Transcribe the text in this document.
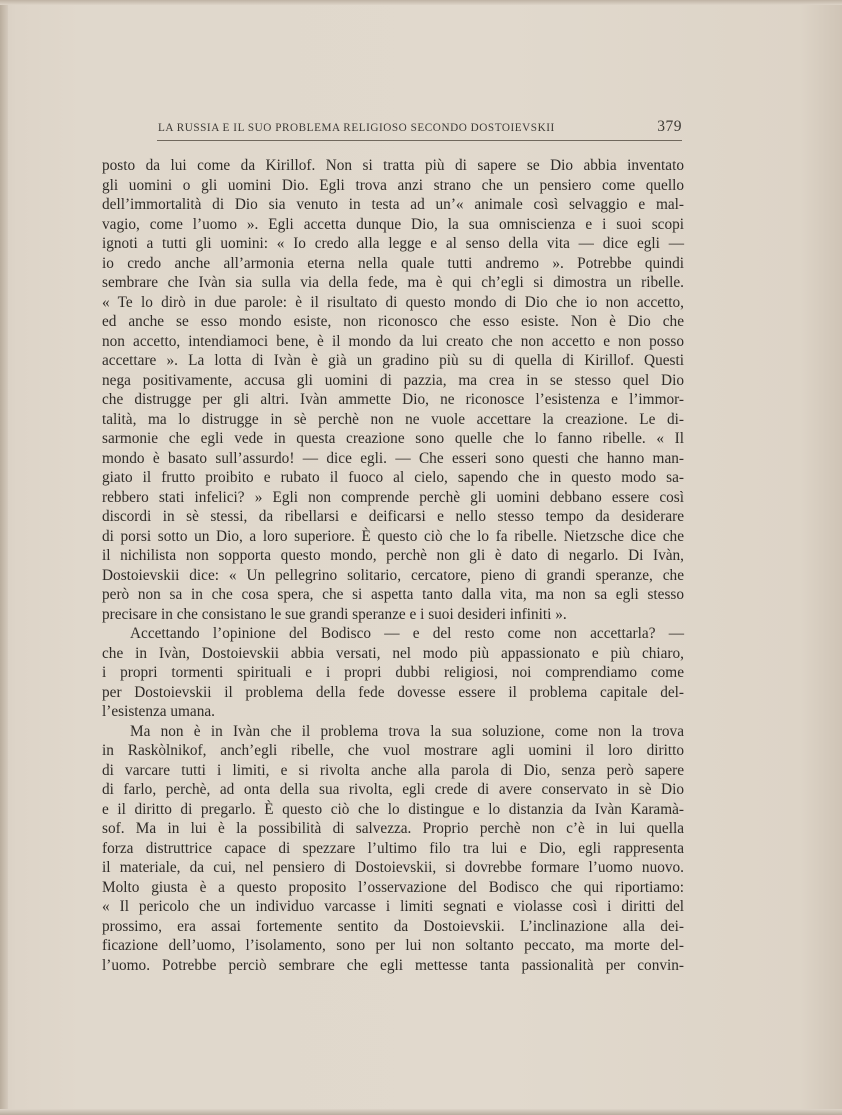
LA RUSSIA E IL SUO PROBLEMA RELIGIOSO SECONDO DOSTOIEVSKII	379
posto da lui come da Kirillof. Non si tratta più di sapere se Dio abbia inventato
gli uomini o gli uomini Dio. Egli trova anzi strano che un pensiero come quello
dell’immortalità di Dio sia venuto in testa ad un’« animale così selvaggio e mal-
vagio, come l’uomo ». Egli accetta dunque Dio, la sua omniscienza e i suoi scopi
ignoti a tutti gli uomini: « Io credo alla legge e al senso della vita — dice egli —
io credo anche all’armonia eterna nella quale tutti andremo ». Potrebbe quindi
sembrare che Ivàn sia sulla via della fede, ma è qui ch’egli si dimostra un ribelle.
« Te lo dirò in due parole: è il risultato di questo mondo di Dio che io non accetto,
ed anche se esso mondo esiste, non riconosco che esso esiste. Non è Dio che
non accetto, intendiamoci bene, è il mondo da lui creato che non accetto e non posso
accettare ». La lotta di Ivàn è già un gradino più su di quella di Kirillof. Questi
nega positivamente, accusa gli uomini di pazzia, ma crea in se stesso quel Dio
che distrugge per gli altri. Ivàn ammette Dio, ne riconosce l’esistenza e l’immor-
talità, ma lo distrugge in sè perchè non ne vuole accettare la creazione. Le di-
sarmonie che egli vede in questa creazione sono quelle che lo fanno ribelle. « Il
mondo è basato sull’assurdo! — dice egli. — Che esseri sono questi che hanno man-
giato il frutto proibito e rubato il fuoco al cielo, sapendo che in questo modo sa-
rebbero stati infelici? » Egli non comprende perchè gli uomini debbano essere così
discordi in sè stessi, da ribellarsi e deificarsi e nello stesso tempo da desiderare
di porsi sotto un Dio, a loro superiore. È questo ciò che lo fa ribelle. Nietzsche dice che
il nichilista non sopporta questo mondo, perchè non gli è dato di negarlo. Di Ivàn,
Dostoievskii dice: « Un pellegrino solitario, cercatore, pieno di grandi speranze, che
però non sa in che cosa spera, che si aspetta tanto dalla vita, ma non sa egli stesso
precisare in che consistano le sue grandi speranze e i suoi desideri infiniti ».
Accettando l’opinione del Bodisco — e del resto come non accettarla? —
che in Ivàn, Dostoievskii abbia versati, nel modo più appassionato e più chiaro,
i propri tormenti spirituali e i propri dubbi religiosi, noi comprendiamo come
per Dostoievskii il problema della fede dovesse essere il problema capitale del-
l’esistenza umana.
Ma non è in Ivàn che il problema trova la sua soluzione, come non la trova
in Raskòlnikof, anch’egli ribelle, che vuol mostrare agli uomini il loro diritto
di varcare tutti i limiti, e si rivolta anche alla parola di Dio, senza però sapere
di farlo, perchè, ad onta della sua rivolta, egli crede di avere conservato in sè Dio
e il diritto di pregarlo. È questo ciò che lo distingue e lo distanzia da Ivàn Karamà-
sof. Ma in lui è la possibilità di salvezza. Proprio perchè non c’è in lui quella
forza distruttrice capace di spezzare l’ultimo filo tra lui e Dio, egli rappresenta
il materiale, da cui, nel pensiero di Dostoievskii, si dovrebbe formare l’uomo nuovo.
Molto giusta è a questo proposito l’osservazione del Bodisco che qui riportiamo:
« Il pericolo che un individuo varcasse i limiti segnati e violasse così i diritti del
prossimo, era assai fortemente sentito da Dostoievskii. L’inclinazione alla dei-
ficazione dell’uomo, l’isolamento, sono per lui non soltanto peccato, ma morte del-
l’uomo. Potrebbe perciò sembrare che egli mettesse tanta passionalità per convin-
